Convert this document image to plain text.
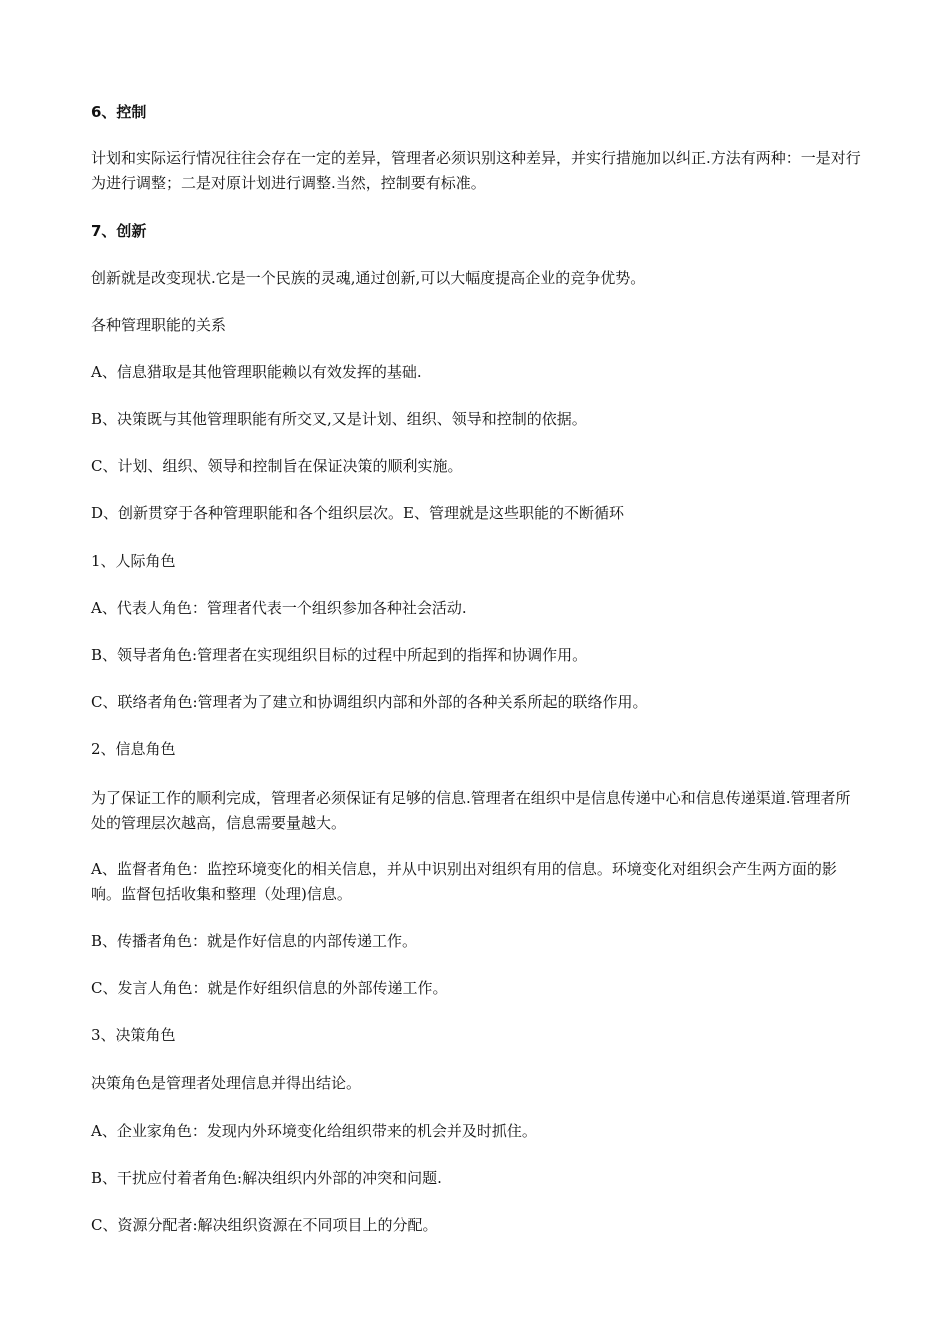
6、控制

计划和实际运行情况往往会存在一定的差异，管理者必须识别这种差异，并实行措施加以纠正.方法有两种：一是对行为进行调整；二是对原计划进行调整.当然，控制要有标准。

7、创新

创新就是改变现状.它是一个民族的灵魂,通过创新,可以大幅度提高企业的竞争优势。

各种管理职能的关系

A、信息猎取是其他管理职能赖以有效发挥的基础.

B、决策既与其他管理职能有所交叉,又是计划、组织、领导和控制的依据。

C、计划、组织、领导和控制旨在保证决策的顺利实施。

D、创新贯穿于各种管理职能和各个组织层次。E、管理就是这些职能的不断循环

1、人际角色

A、代表人角色：管理者代表一个组织参加各种社会活动.

B、领导者角色:管理者在实现组织目标的过程中所起到的指挥和协调作用。

C、联络者角色:管理者为了建立和协调组织内部和外部的各种关系所起的联络作用。

2、信息角色

为了保证工作的顺利完成，管理者必须保证有足够的信息.管理者在组织中是信息传递中心和信息传递渠道.管理者所处的管理层次越高，信息需要量越大。

A、监督者角色：监控环境变化的相关信息，并从中识别出对组织有用的信息。环境变化对组织会产生两方面的影响。监督包括收集和整理（处理)信息。

B、传播者角色：就是作好信息的内部传递工作。

C、发言人角色：就是作好组织信息的外部传递工作。

3、决策角色

决策角色是管理者处理信息并得出结论。

A、企业家角色：发现内外环境变化给组织带来的机会并及时抓住。

B、干扰应付着者角色:解决组织内外部的冲突和问题.

C、资源分配者:解决组织资源在不同项目上的分配。
